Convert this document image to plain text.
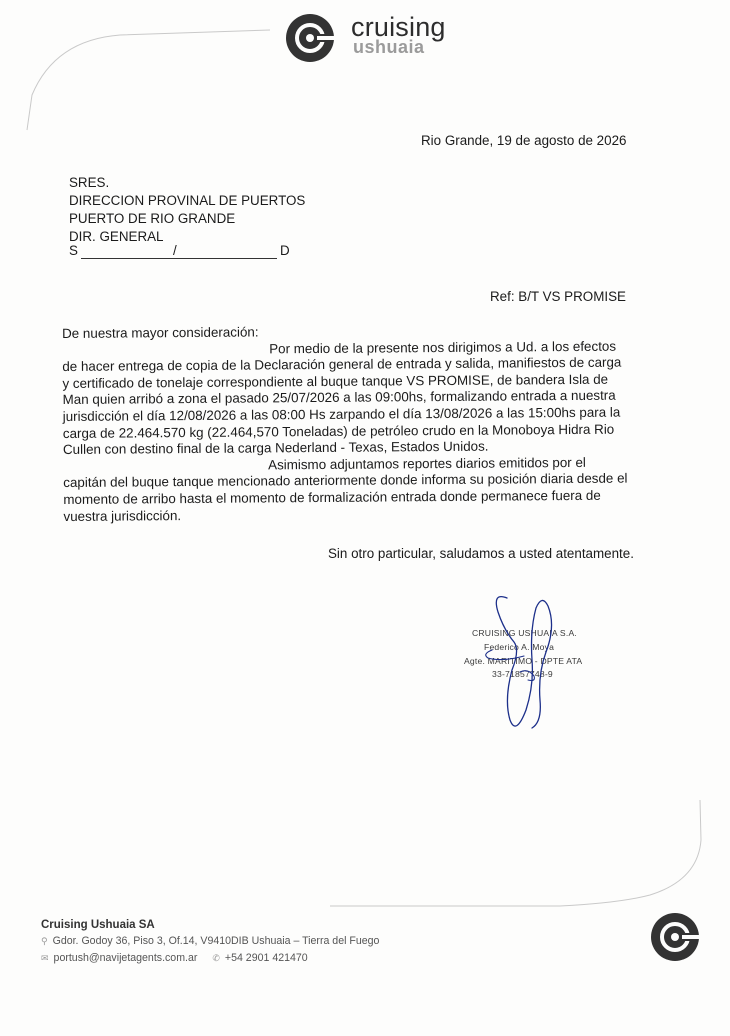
cruising
ushuaia
Rio Grande, 19 de agosto de 2026
SRES.
DIRECCION PROVINAL DE PUERTOS
PUERTO DE RIO GRANDE
DIR. GENERAL
S	/	D
Ref: B/T VS PROMISE
De nuestra mayor consideración:
Por medio de la presente nos dirigimos a Ud. a los efectos
de hacer entrega de copia de la Declaración general de entrada y salida, manifiestos de carga
y certificado de tonelaje correspondiente al buque tanque VS PROMISE, de bandera Isla de
Man quien arribó a zona el pasado 25/07/2026 a las 09:00hs, formalizando entrada a nuestra
jurisdicción el día 12/08/2026 a las 08:00 Hs zarpando el día 13/08/2026 a las 15:00hs para la
carga de 22.464.570 kg (22.464,570 Toneladas) de petróleo crudo en la Monoboya Hidra Rio
Cullen con destino final de la carga Nederland - Texas, Estados Unidos.
Asimismo adjuntamos reportes diarios emitidos por el
capitán del buque tanque mencionado anteriormente donde informa su posición diaria desde el
momento de arribo hasta el momento de formalización entrada donde permanece fuera de
vuestra jurisdicción.
Sin otro particular, saludamos a usted atentamente.
CRUISING USHUAIA S.A.
Federico A. Moya
Agte. MARITIMO - DPTE ATA
33-71857748-9
Cruising Ushuaia SA
⚲ Gdor. Godoy 36, Piso 3, Of.14, V9410DIB Ushuaia – Tierra del Fuego
✉ portush@navijetagents.com.ar ✆ +54 2901 421470
